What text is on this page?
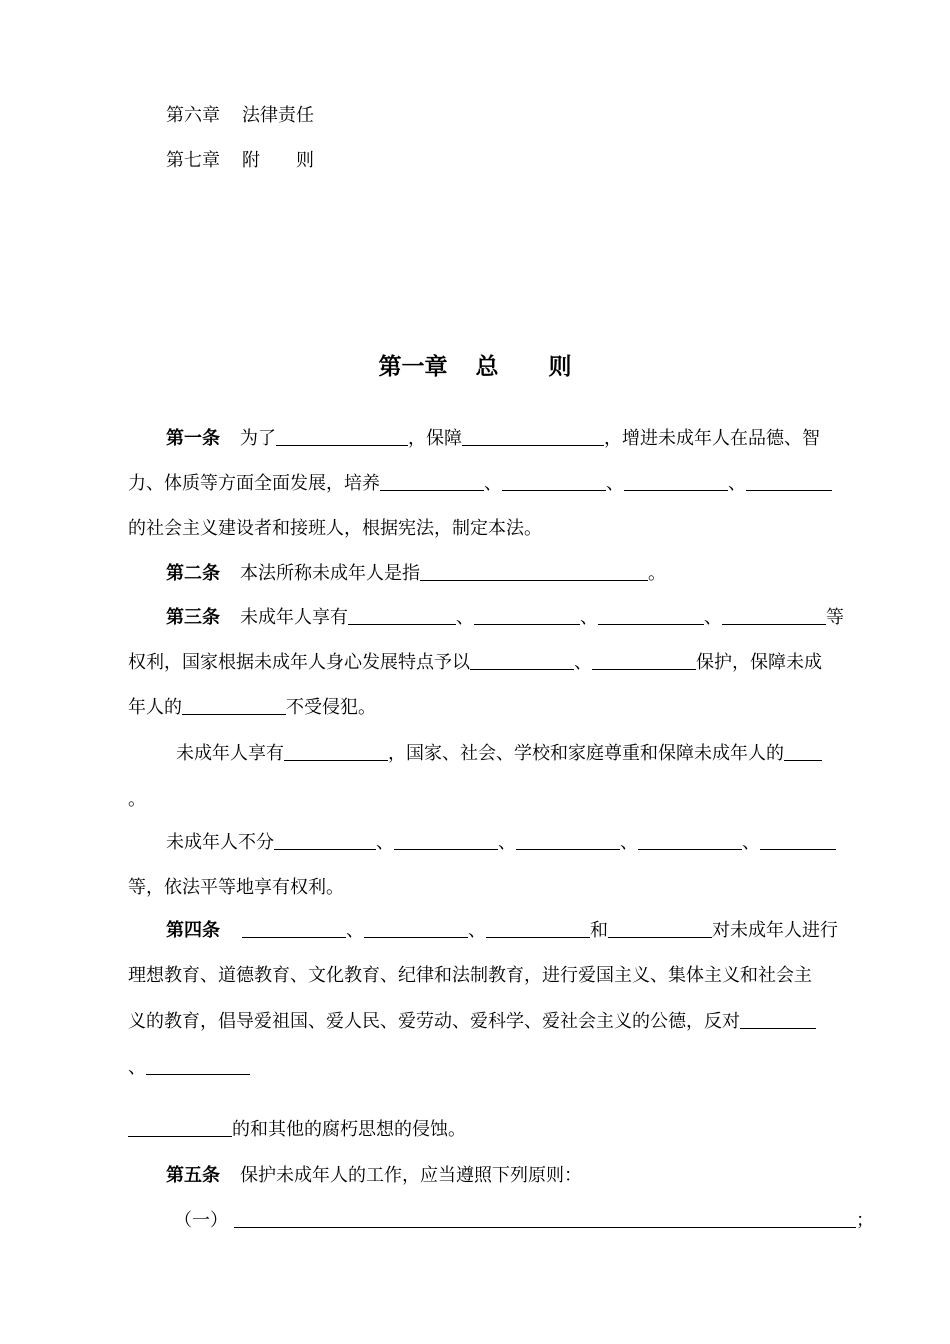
第六章 法律责任
第七章 附　　则
第一章 总 则
第一条 为了	，保障	，增进未成年人在品德、智
力、体质等方面全面发展，培养	、	、	、
的社会主义建设者和接班人，根据宪法，制定本法。
第二条 本法所称未成年人是指	。
第三条 未成年人享有	、	、	、	等
权利，国家根据未成年人身心发展特点予以	、	保护，保障未成
年人的	不受侵犯。
未成年人享有	，国家、社会、学校和家庭尊重和保障未成年人的
。
未成年人不分	、	、	、	、
等，依法平等地享有权利。
第四条	、	、	和	对未成年人进行
理想教育、道德教育、文化教育、纪律和法制教育，进行爱国主义、集体主义和社会主
义的教育，倡导爱祖国、爱人民、爱劳动、爱科学、爱社会主义的公德，反对
、
的和其他的腐朽思想的侵蚀。
第五条 保护未成年人的工作，应当遵照下列原则：
（一）	；
